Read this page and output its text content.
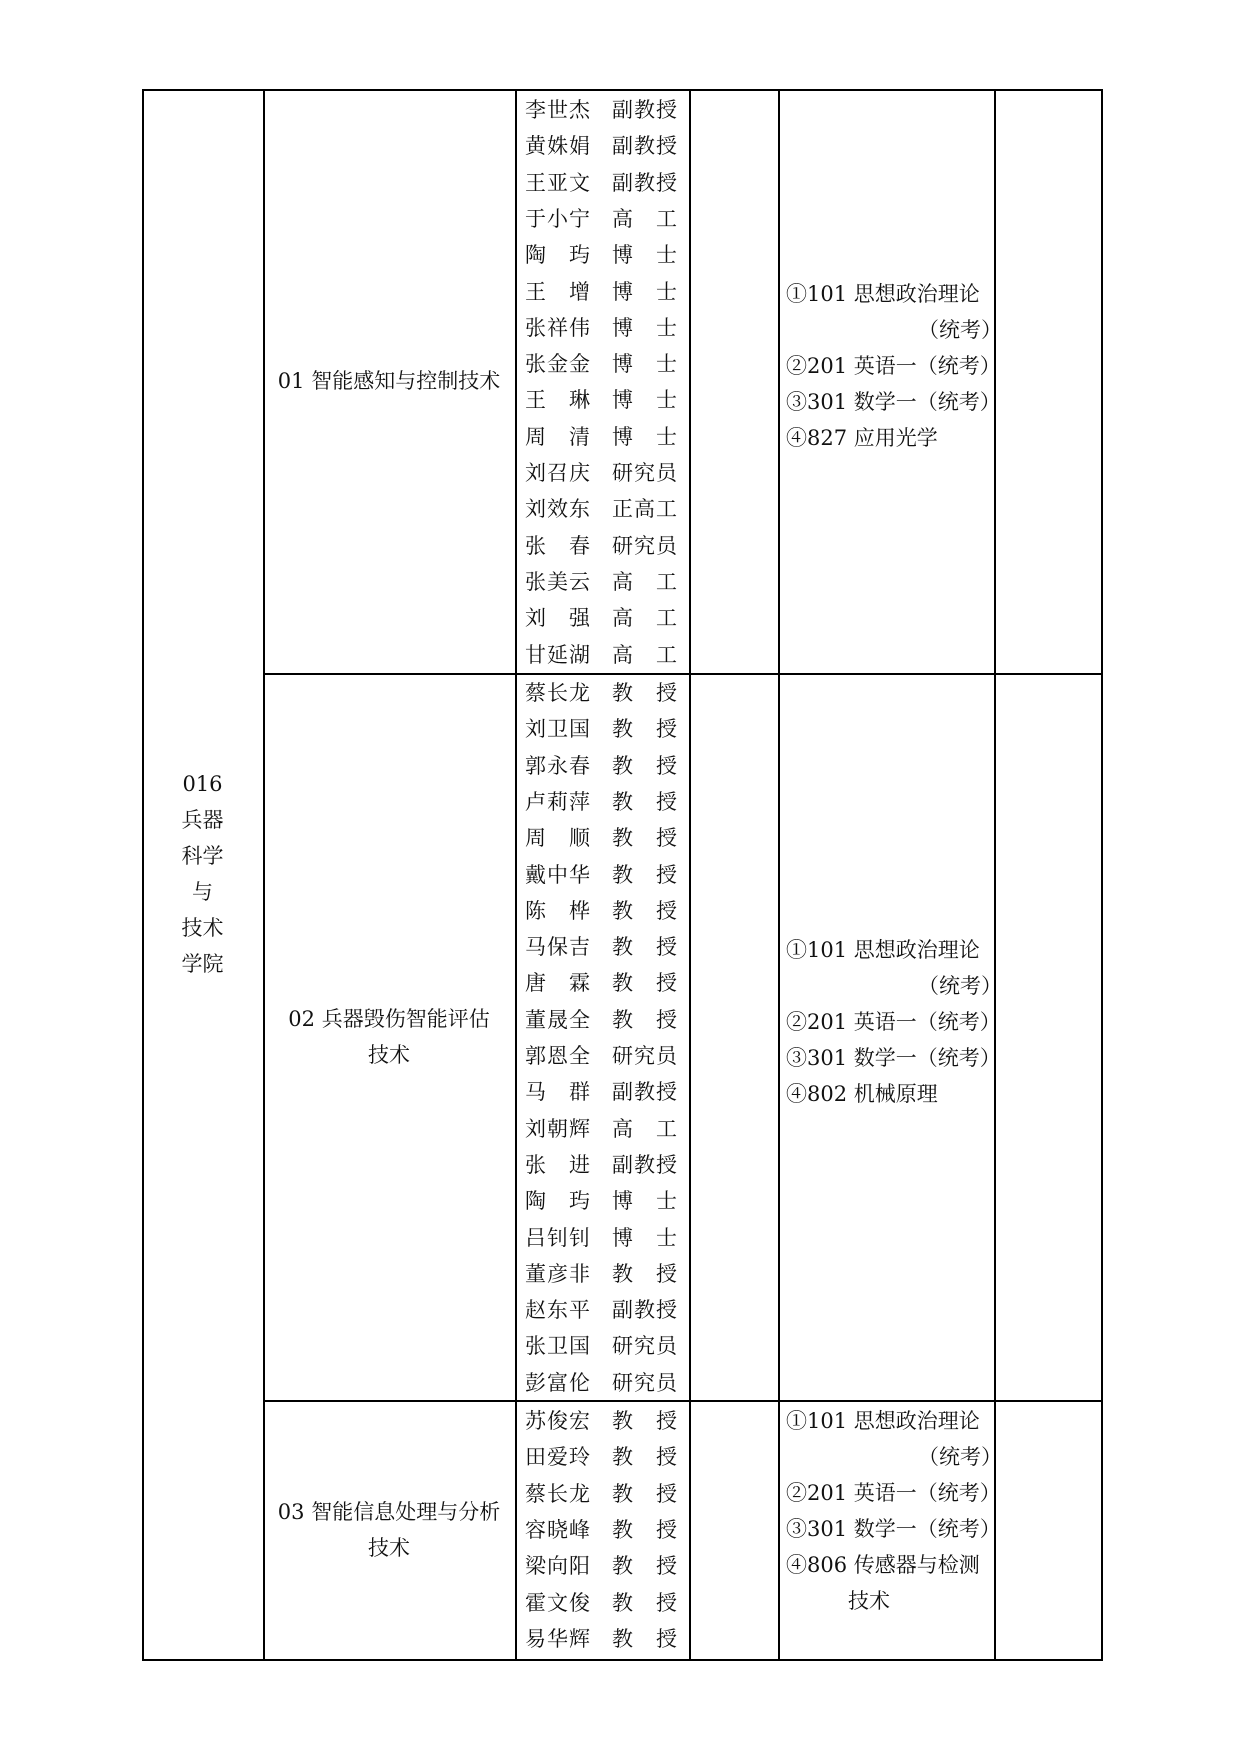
016
兵器
科学
与
技术
学院
01 智能感知与控制技术
李世杰 副教授
黄姝娟 副教授
王亚文 副教授
于小宁 高　工
陶　玙 博　士
王　增 博　士
张祥伟 博　士
张金金 博　士
王　琳 博　士
周　清 博　士
刘召庆 研究员
刘效东 正高工
张　春 研究员
张美云 高　工
刘　强 高　工
甘延湖 高　工
①101 思想政治理论
（统考）
②201 英语一（统考）
③301 数学一（统考）
④827 应用光学
02 兵器毁伤智能评估
技术
蔡长龙 教　授
刘卫国 教　授
郭永春 教　授
卢莉萍 教　授
周　顺 教　授
戴中华 教　授
陈　桦 教　授
马保吉 教　授
唐　霖 教　授
董晟全 教　授
郭恩全 研究员
马　群 副教授
刘朝辉 高　工
张　进 副教授
陶　玙 博　士
吕钊钊 博　士
董彦非 教　授
赵东平 副教授
张卫国 研究员
彭富伦 研究员
①101 思想政治理论
（统考）
②201 英语一（统考）
③301 数学一（统考）
④802 机械原理
03 智能信息处理与分析
技术
苏俊宏 教　授
田爱玲 教　授
蔡长龙 教　授
容晓峰 教　授
梁向阳 教　授
霍文俊 教　授
易华辉 教　授
①101 思想政治理论
（统考）
②201 英语一（统考）
③301 数学一（统考）
④806 传感器与检测
技术
